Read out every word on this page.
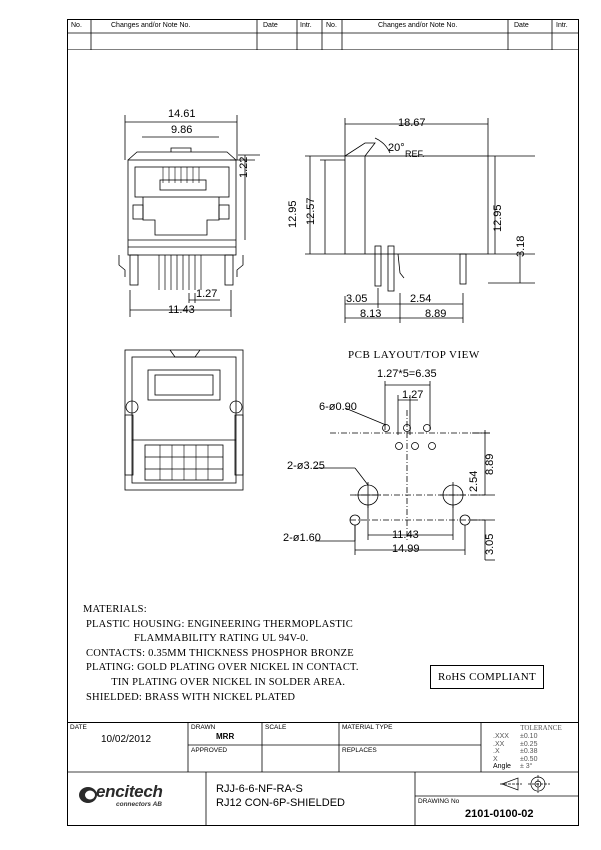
No.	Changes and/or Note No.	Date	Intr. No.	Changes and/or Note No.	Date	Intr.
14.61
9.86
1.22
12.95 12.57
1.27
11.43
18.67
20° REF.
12.95
3.18
3.05	2.54
8.13	8.89
PCB LAYOUT/TOP VIEW
1.27*5=6.35
1.27
6-ø0.90
2-ø3.25	8.89
2.54
11.43
14.99
2-ø1.60	3.05
MATERIALS:
PLASTIC HOUSING: ENGINEERING THERMOPLASTIC
FLAMMABILITY RATING UL 94V-0.
CONTACTS: 0.35MM THICKNESS PHOSPHOR BRONZE
PLATING: GOLD PLATING OVER NICKEL IN CONTACT.
TIN PLATING OVER NICKEL IN SOLDER AREA.
SHIELDED: BRASS WITH NICKEL PLATED
RoHS COMPLIANT
DATE
10/02/2012
DRAWN
MRR
SCALE	MATERIAL TYPE
APPROVED	REPLACES
TOLERANCE
.XXX ±0.10
.XX ±0.25
.X	±0.38
X	±0.50
Angle ± 3°
encitech
connectors AB
RJJ-6-6-NF-RA-S
RJ12 CON-6P-SHIELDED	DRAWING No
2101-0100-02
